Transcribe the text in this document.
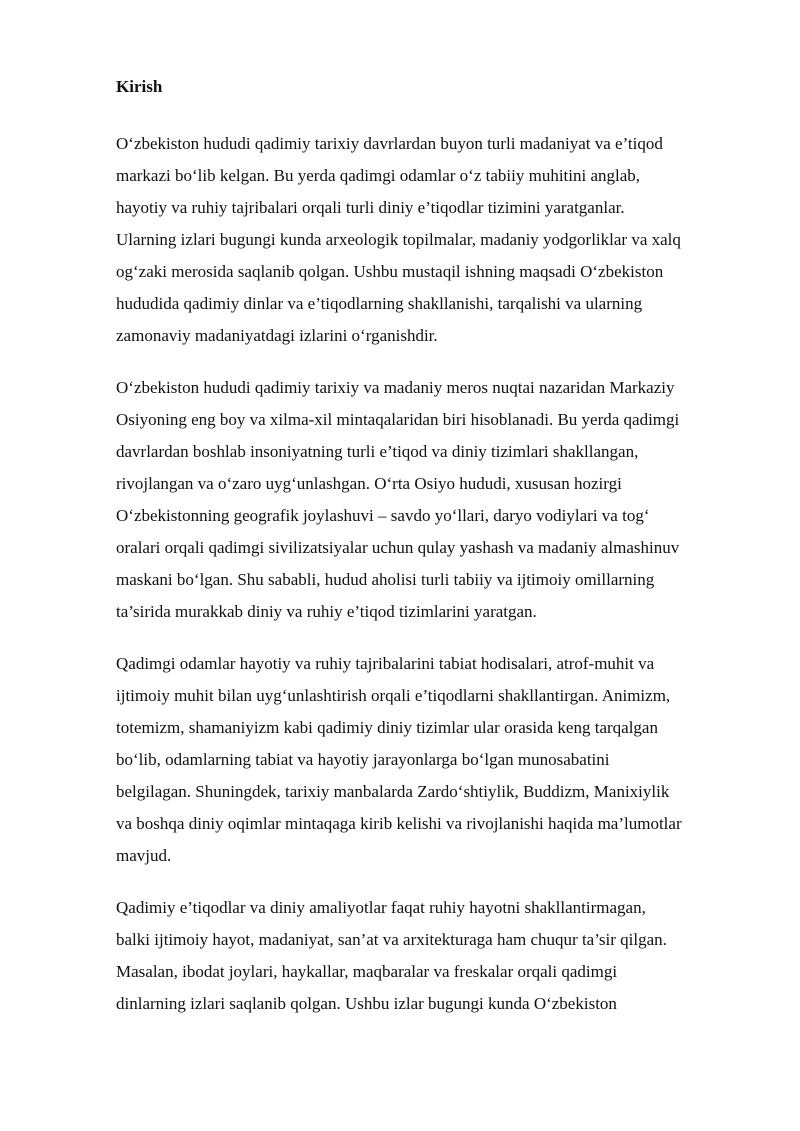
Kirish

O‘zbekiston hududi qadimiy tarixiy davrlardan buyon turli madaniyat va e’tiqod
markazi bo‘lib kelgan. Bu yerda qadimgi odamlar o‘z tabiiy muhitini anglab,
hayotiy va ruhiy tajribalari orqali turli diniy e’tiqodlar tizimini yaratganlar.
Ularning izlari bugungi kunda arxeologik topilmalar, madaniy yodgorliklar va xalq
og‘zaki merosida saqlanib qolgan. Ushbu mustaqil ishning maqsadi O‘zbekiston
hududida qadimiy dinlar va e’tiqodlarning shakllanishi, tarqalishi va ularning
zamonaviy madaniyatdagi izlarini o‘rganishdir.

O‘zbekiston hududi qadimiy tarixiy va madaniy meros nuqtai nazaridan Markaziy
Osiyoning eng boy va xilma-xil mintaqalaridan biri hisoblanadi. Bu yerda qadimgi
davrlardan boshlab insoniyatning turli e’tiqod va diniy tizimlari shakllangan,
rivojlangan va o‘zaro uyg‘unlashgan. O‘rta Osiyo hududi, xususan hozirgi
O‘zbekistonning geografik joylashuvi – savdo yo‘llari, daryo vodiylari va tog‘
oralari orqali qadimgi sivilizatsiyalar uchun qulay yashash va madaniy almashinuv
maskani bo‘lgan. Shu sababli, hudud aholisi turli tabiiy va ijtimoiy omillarning
ta’sirida murakkab diniy va ruhiy e’tiqod tizimlarini yaratgan.

Qadimgi odamlar hayotiy va ruhiy tajribalarini tabiat hodisalari, atrof-muhit va
ijtimoiy muhit bilan uyg‘unlashtirish orqali e’tiqodlarni shakllantirgan. Animizm,
totemizm, shamaniyizm kabi qadimiy diniy tizimlar ular orasida keng tarqalgan
bo‘lib, odamlarning tabiat va hayotiy jarayonlarga bo‘lgan munosabatini
belgilagan. Shuningdek, tarixiy manbalarda Zardo‘shtiylik, Buddizm, Manixiylik
va boshqa diniy oqimlar mintaqaga kirib kelishi va rivojlanishi haqida ma’lumotlar
mavjud.

Qadimiy e’tiqodlar va diniy amaliyotlar faqat ruhiy hayotni shakllantirmagan,
balki ijtimoiy hayot, madaniyat, san’at va arxitekturaga ham chuqur ta’sir qilgan.
Masalan, ibodat joylari, haykallar, maqbaralar va freskalar orqali qadimgi
dinlarning izlari saqlanib qolgan. Ushbu izlar bugungi kunda O‘zbekiston
